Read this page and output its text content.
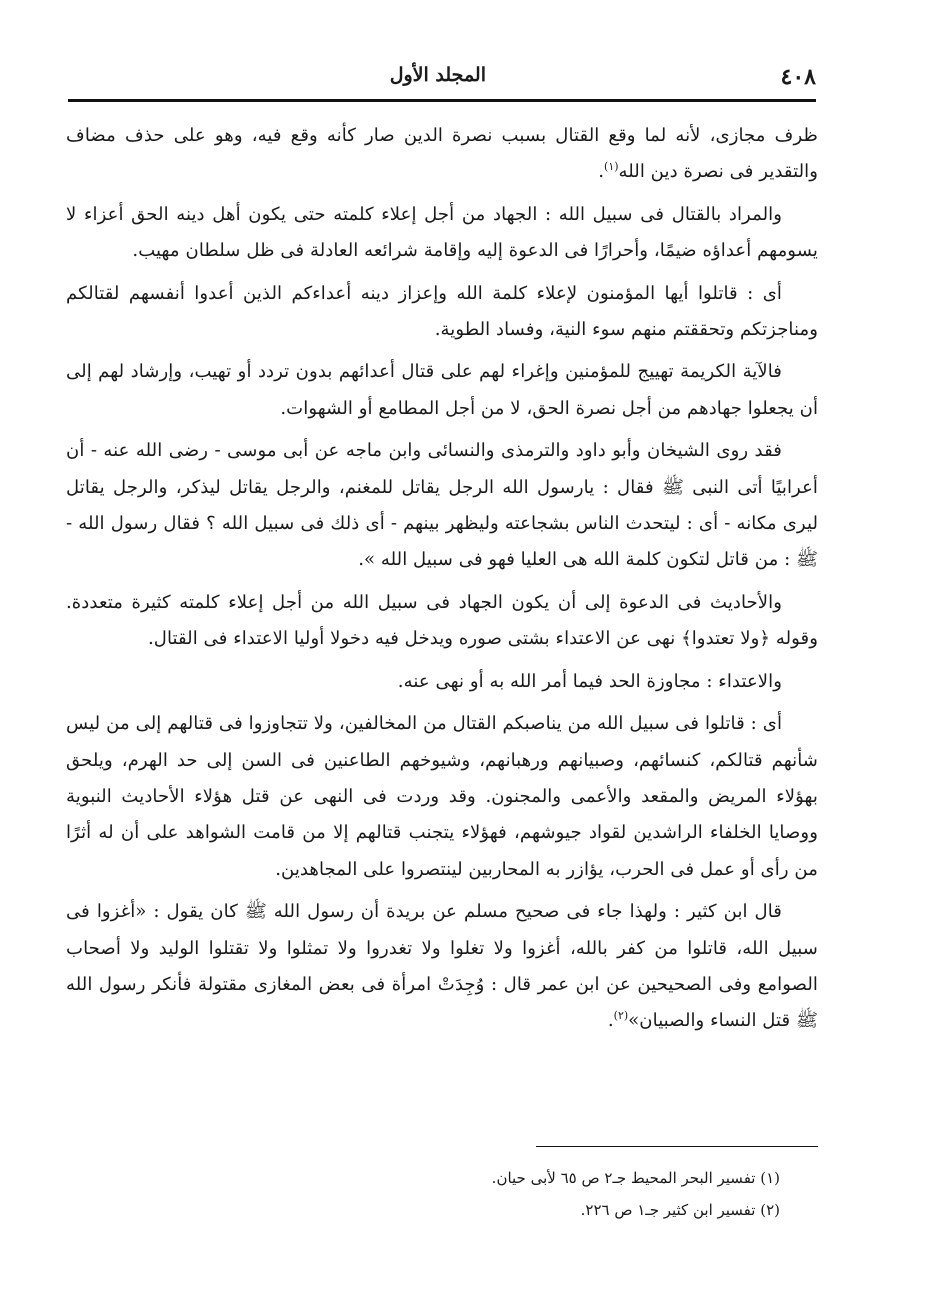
٤٠٨
المجلد الأول

ظرف مجازى، لأنه لما وقع القتال بسبب نصرة الدين صار كأنه وقع فيه، وهو على حذف مضاف والتقدير فى نصرة دين الله$^{(١)}$.

والمراد بالقتال فى سبيل الله : الجهاد من أجل إعلاء كلمته حتى يكون أهل دينه الحق أعزاء لا يسومهم أعداؤه ضيمًا، وأحرارًا فى الدعوة إليه وإقامة شرائعه العادلة فى ظل سلطان مهيب.

أى : قاتلوا أيها المؤمنون لإعلاء كلمة الله وإعزاز دينه أعداءكم الذين أعدوا أنفسهم لقتالكم ومناجزتكم وتحققتم منهم سوء النية، وفساد الطوية.

فالآية الكريمة تهييج للمؤمنين وإغراء لهم على قتال أعدائهم بدون تردد أو تهيب، وإرشاد لهم إلى أن يجعلوا جهادهم من أجل نصرة الحق، لا من أجل المطامع أو الشهوات.

فقد روى الشيخان وأبو داود والترمذى والنسائى وابن ماجه عن أبى موسى - رضى الله عنه - أن أعرابيًا أتى النبى ﷺ فقال : يارسول الله الرجل يقاتل للمغنم، والرجل يقاتل ليذكر، والرجل يقاتل ليرى مكانه - أى : ليتحدث الناس بشجاعته وليظهر بينهم - أى ذلك فى سبيل الله ؟ فقال رسول الله - ﷺ : من قاتل لتكون كلمة الله هى العليا فهو فى سبيل الله ».

والأحاديث فى الدعوة إلى أن يكون الجهاد فى سبيل الله من أجل إعلاء كلمته كثيرة متعددة. وقوله ﴿ولا تعتدوا﴾ نهى عن الاعتداء بشتى صوره ويدخل فيه دخولا أوليا الاعتداء فى القتال.

والاعتداء : مجاوزة الحد فيما أمر الله به أو نهى عنه.

أى : قاتلوا فى سبيل الله من يناصبكم القتال من المخالفين، ولا تتجاوزوا فى قتالهم إلى من ليس شأنهم قتالكم، كنسائهم، وصبيانهم ورهبانهم، وشيوخهم الطاعنين فى السن إلى حد الهرم، ويلحق بهؤلاء المريض والمقعد والأعمى والمجنون. وقد وردت فى النهى عن قتل هؤلاء الأحاديث النبوية ووصايا الخلفاء الراشدين لقواد جيوشهم، فهؤلاء يتجنب قتالهم إلا من قامت الشواهد على أن له أثرًا من رأى أو عمل فى الحرب، يؤازر به المحاربين لينتصروا على المجاهدين.

قال ابن كثير : ولهذا جاء فى صحيح مسلم عن بريدة أن رسول الله ﷺ كان يقول : «أغزوا فى سبيل الله، قاتلوا من كفر بالله، أغزوا ولا تغلوا ولا تغدروا ولا تمثلوا ولا تقتلوا الوليد ولا أصحاب الصوامع وفى الصحيحين عن ابن عمر قال : وُجِدَتْ امرأة فى بعض المغازى مقتولة فأنكر رسول الله ﷺ قتل النساء والصبيان»$^{(٢)}$.

(١) تفسير البحر المحيط جـ٢ ص ٦٥ لأبى حيان.

(٢) تفسير ابن كثير جـ١ ص ٢٢٦.
